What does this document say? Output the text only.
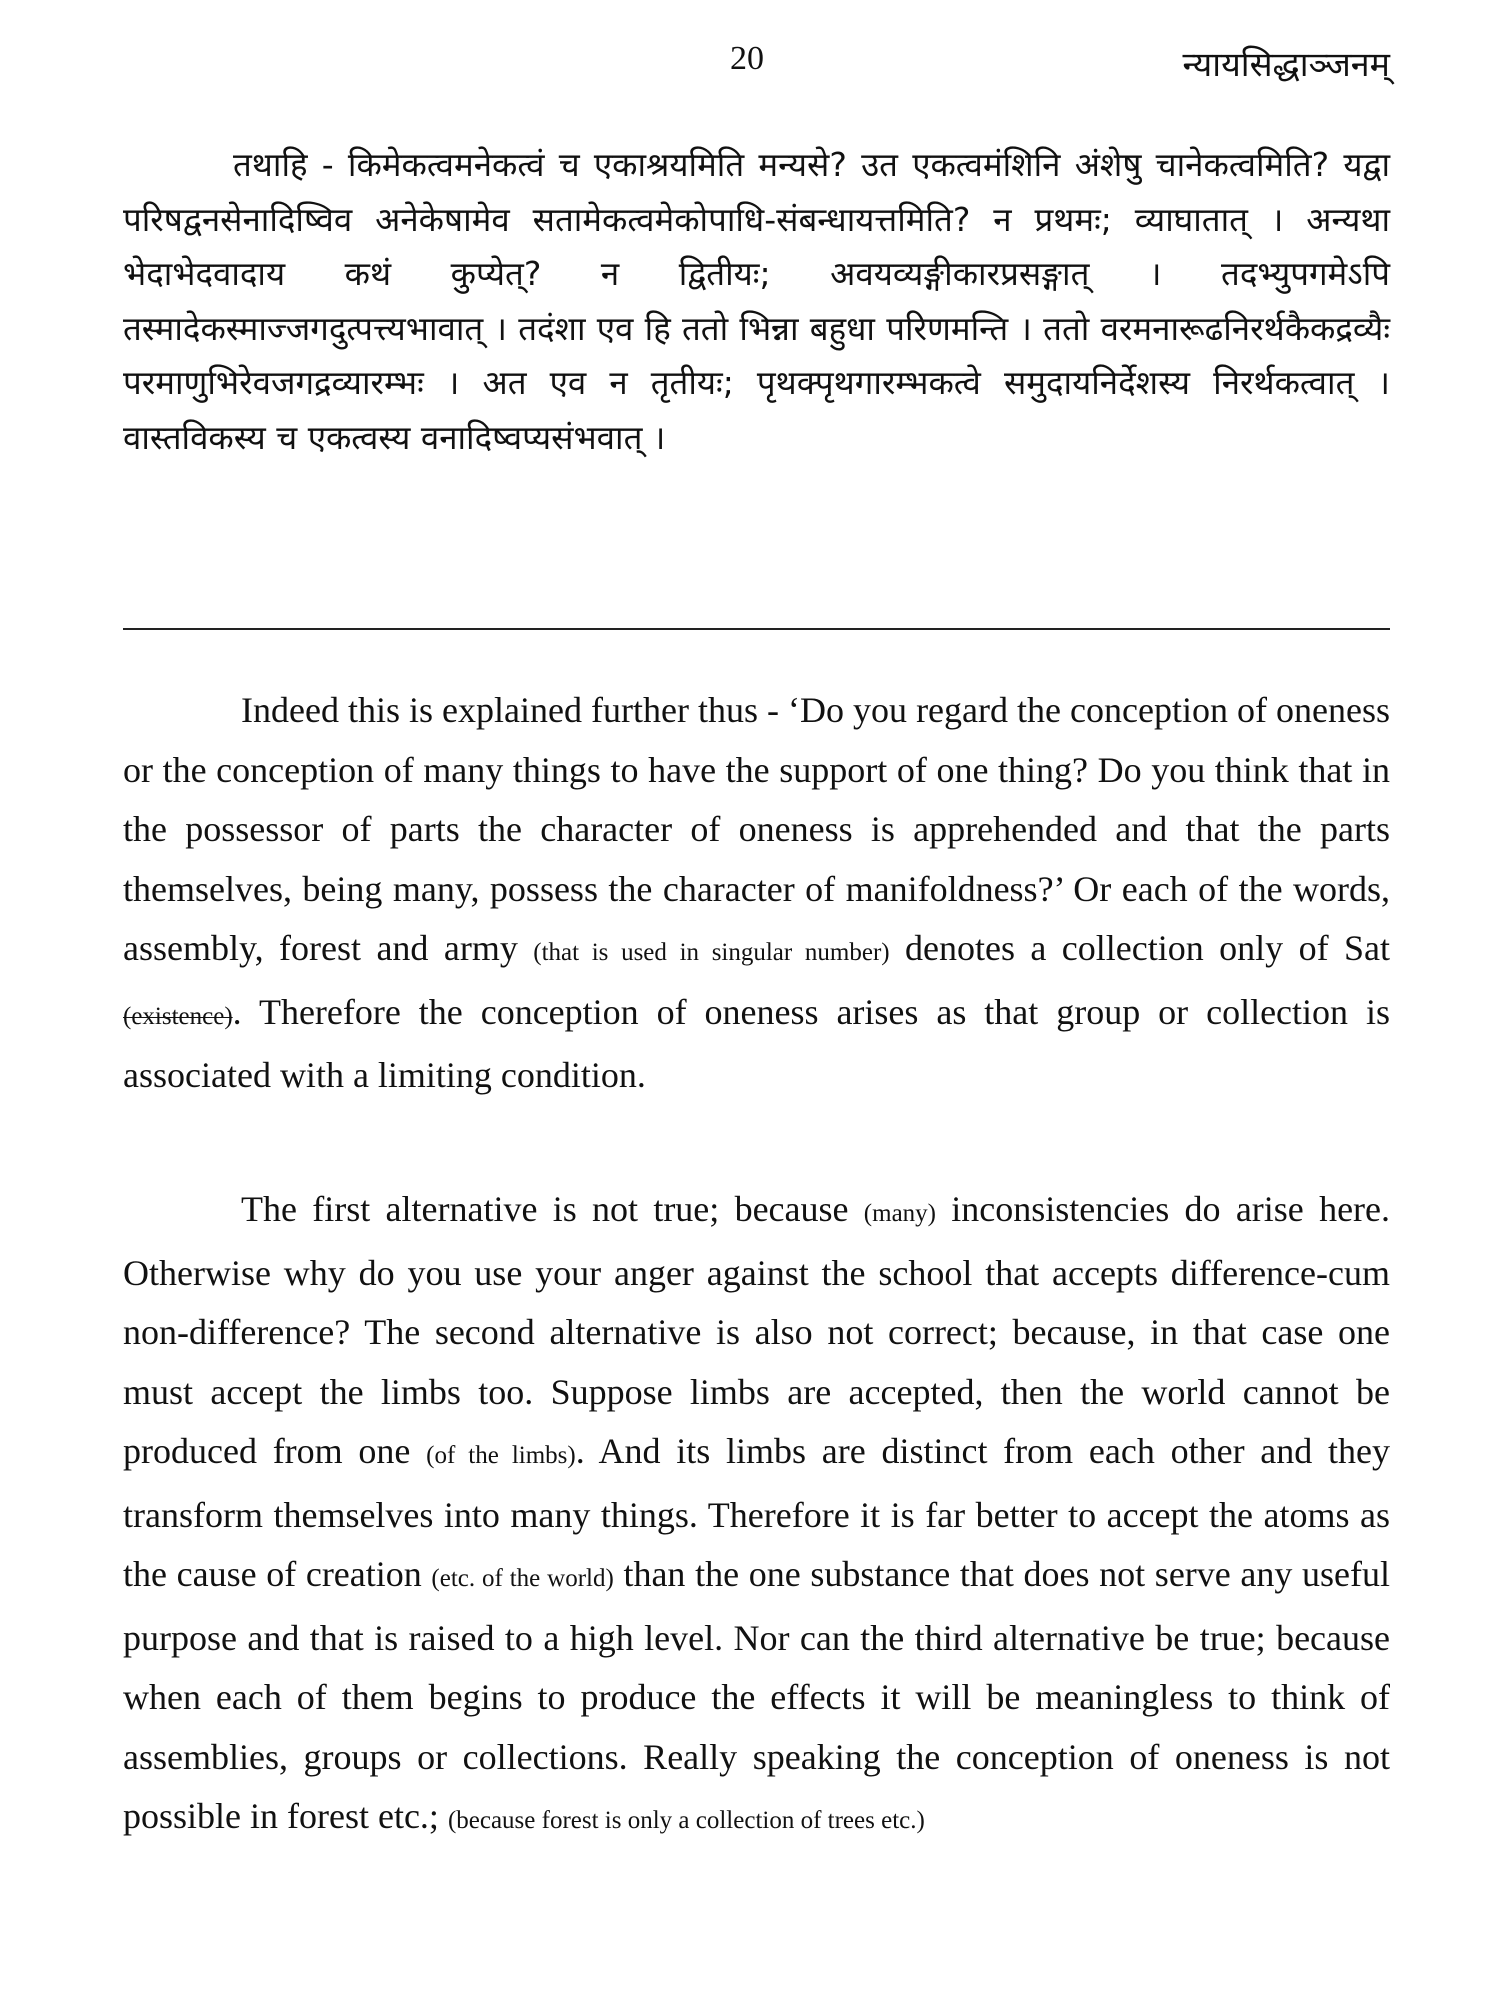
20	न्यायसिद्धाञ्जनम्

तथाहि - किमेकत्वमनेकत्वं च एकाश्रयमिति मन्यसे? उत एकत्वमंशिनि अंशेषु चानेकत्वमिति? यद्वा परिषद्वनसेनादिष्विव अनेकेषामेव सतामेकत्वमेकोपाधि-संबन्धायत्तमिति? न प्रथमः; व्याघातात् । अन्यथा भेदाभेदवादाय कथं कुप्येत्? न द्वितीयः; अवयव्यङ्गीकारप्रसङ्गात् । तदभ्युपगमेऽपि तस्मादेकस्माज्जगदुत्पत्त्यभावात् । तदंशा एव हि ततो भिन्ना बहुधा परिणमन्ति । ततो वरमनारूढनिरर्थकैकद्रव्यैः परमाणुभिरेवजगद्रव्यारम्भः । अत एव न तृतीयः; पृथक्पृथगारम्भकत्वे समुदायनिर्देशस्य निरर्थकत्वात् । वास्तविकस्य च एकत्वस्य वनादिष्वप्यसंभवात् ।

Indeed this is explained further thus - ‘Do you regard the conception of oneness or the conception of many things to have the support of one thing? Do you think that in the possessor of parts the character of oneness is apprehended and that the parts themselves, being many, possess the character of manifoldness?’ Or each of the words, assembly, forest and army (that is used in singular number) denotes a collection only of Sat (existence). Therefore the conception of oneness arises as that group or collection is associated with a limiting condition.

The first alternative is not true; because (many) inconsistencies do arise here. Otherwise why do you use your anger against the school that accepts difference-cum non-difference? The second alternative is also not correct; because, in that case one must accept the limbs too. Suppose limbs are accepted, then the world cannot be produced from one (of the limbs). And its limbs are distinct from each other and they transform themselves into many things. Therefore it is far better to accept the atoms as the cause of creation (etc. of the world) than the one substance that does not serve any useful purpose and that is raised to a high level. Nor can the third alternative be true; because when each of them begins to produce the effects it will be meaningless to think of assemblies, groups or collections. Really speaking the conception of oneness is not possible in forest etc.; (because forest is only a collection of trees etc.)
